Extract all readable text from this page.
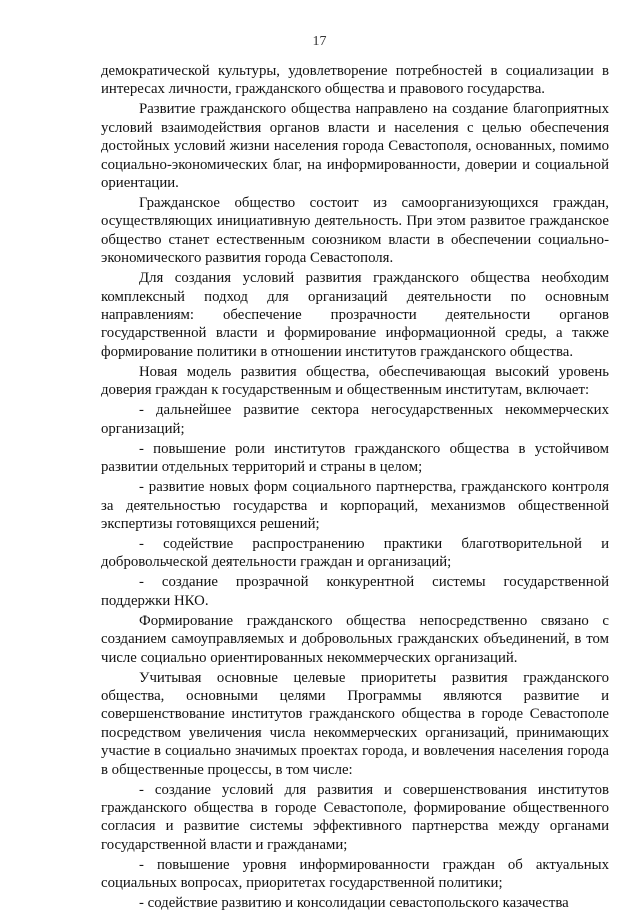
17

демократической культуры, удовлетворение потребностей в социализации в интересах личности, гражданского общества и правового государства.

Развитие гражданского общества направлено на создание благоприятных условий взаимодействия органов власти и населения с целью обеспечения достойных условий жизни населения города Севастополя, основанных, помимо социально-экономических благ, на информированности, доверии и социальной ориентации.

Гражданское общество состоит из самоорганизующихся граждан, осуществляющих инициативную деятельность. При этом развитое гражданское общество станет естественным союзником власти в обеспечении социально-экономического развития города Севастополя.

Для создания условий развития гражданского общества необходим комплексный подход для организаций деятельности по основным направлениям: обеспечение прозрачности деятельности органов государственной власти и формирование информационной среды, а также формирование политики в отношении институтов гражданского общества.

Новая модель развития общества, обеспечивающая высокий уровень доверия граждан к государственным и общественным институтам, включает:

- дальнейшее развитие сектора негосударственных некоммерческих организаций;

- повышение роли институтов гражданского общества в устойчивом развитии отдельных территорий и страны в целом;

- развитие новых форм социального партнерства, гражданского контроля за деятельностью государства и корпораций, механизмов общественной экспертизы готовящихся решений;

- содействие распространению практики благотворительной и добровольческой деятельности граждан и организаций;

- создание прозрачной конкурентной системы государственной поддержки НКО.

Формирование гражданского общества непосредственно связано с созданием самоуправляемых и добровольных гражданских объединений, в том числе социально ориентированных некоммерческих организаций.

Учитывая основные целевые приоритеты развития гражданского общества, основными целями Программы являются развитие и совершенствование институтов гражданского общества в городе Севастополе посредством увеличения числа некоммерческих организаций, принимающих участие в социально значимых проектах города, и вовлечения населения города в общественные процессы, в том числе:

- создание условий для развития и совершенствования институтов гражданского общества в городе Севастополе, формирование общественного согласия и развитие системы эффективного партнерства между органами государственной власти и гражданами;

- повышение уровня информированности граждан об актуальных социальных вопросах, приоритетах государственной политики;

- содействие развитию и консолидации севастопольского казачества
